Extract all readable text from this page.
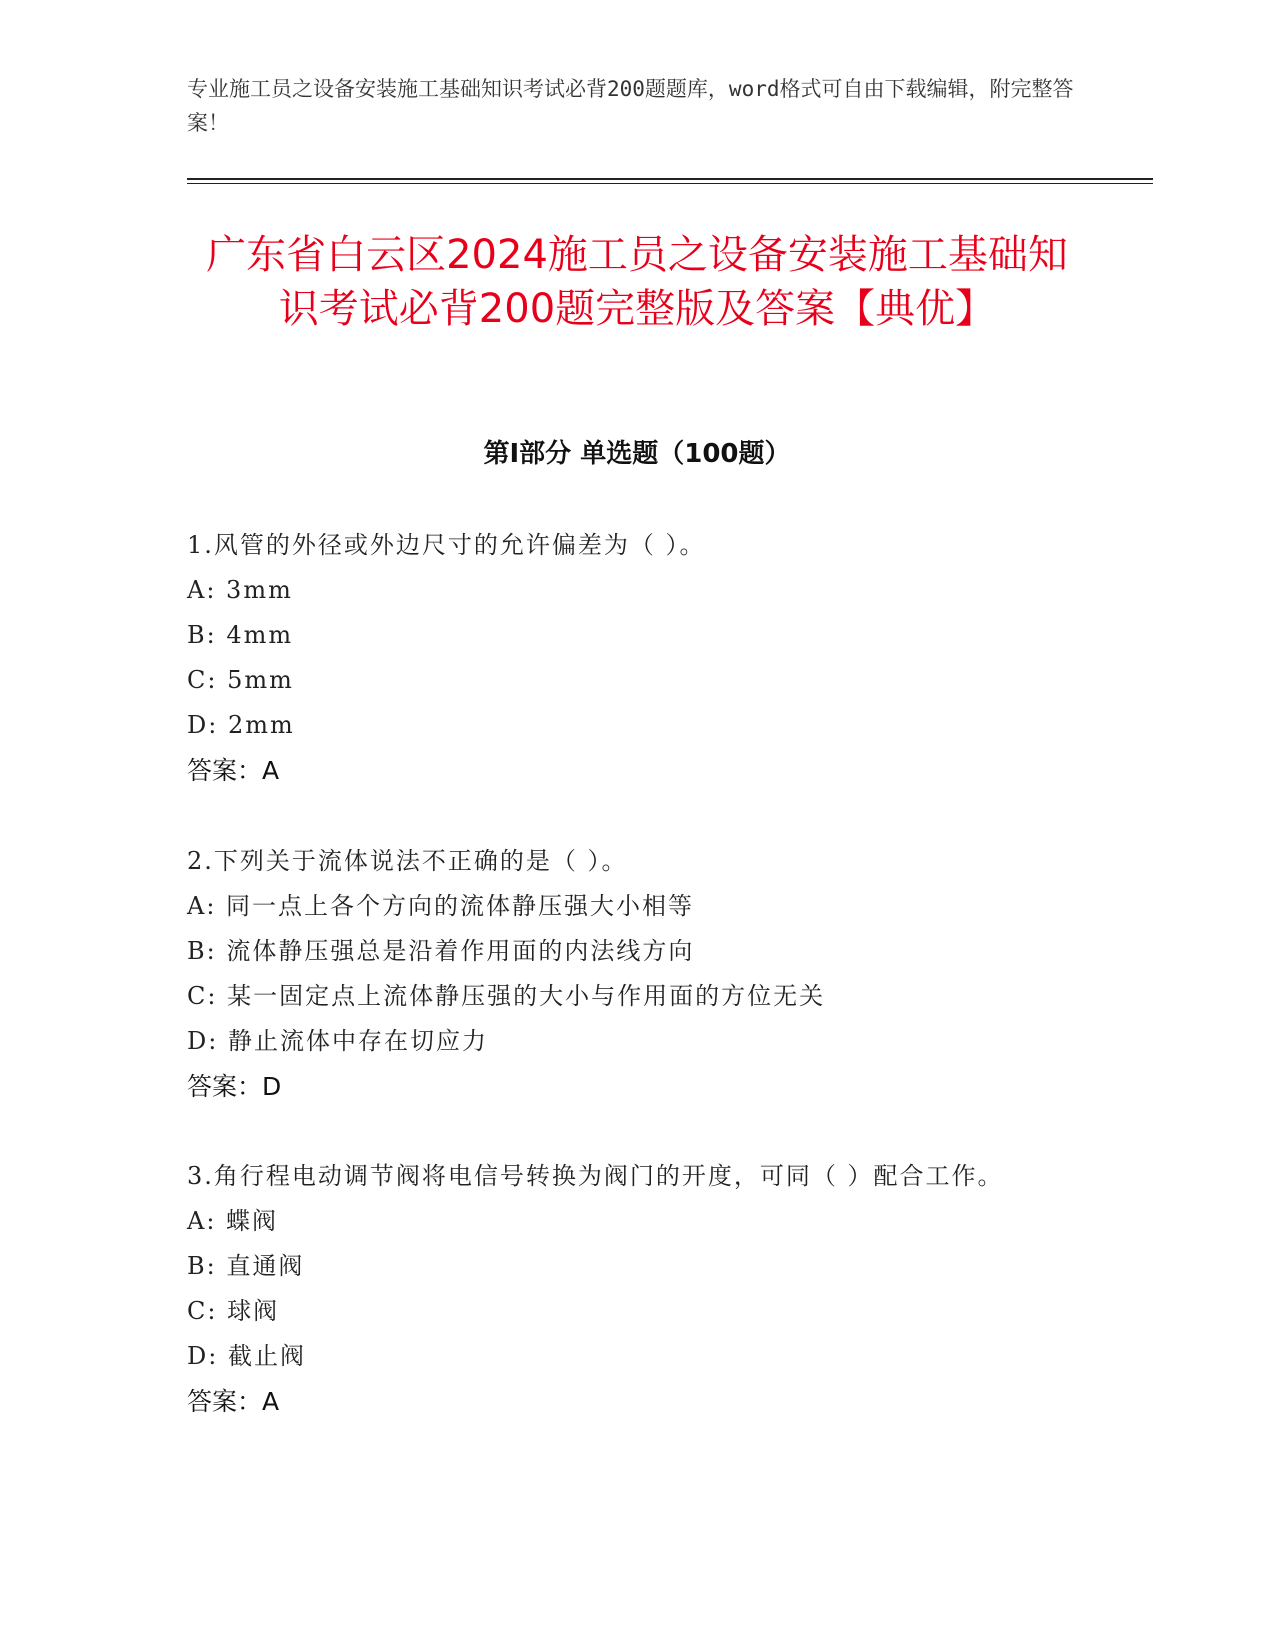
专业施工员之设备安装施工基础知识考试必背200题题库，word格式可自由下载编辑，附完整答案！
广东省白云区2024施工员之设备安装施工基础知识考试必背200题完整版及答案【典优】
第I部分 单选题（100题）
1.风管的外径或外边尺寸的允许偏差为（ ）。
A: 3mm
B: 4mm
C: 5mm
D: 2mm
答案：A
2.下列关于流体说法不正确的是（ ）。
A: 同一点上各个方向的流体静压强大小相等
B: 流体静压强总是沿着作用面的内法线方向
C: 某一固定点上流体静压强的大小与作用面的方位无关
D: 静止流体中存在切应力
答案：D
3.角行程电动调节阀将电信号转换为阀门的开度，可同（ ）配合工作。
A: 蝶阀
B: 直通阀
C: 球阀
D: 截止阀
答案：A
